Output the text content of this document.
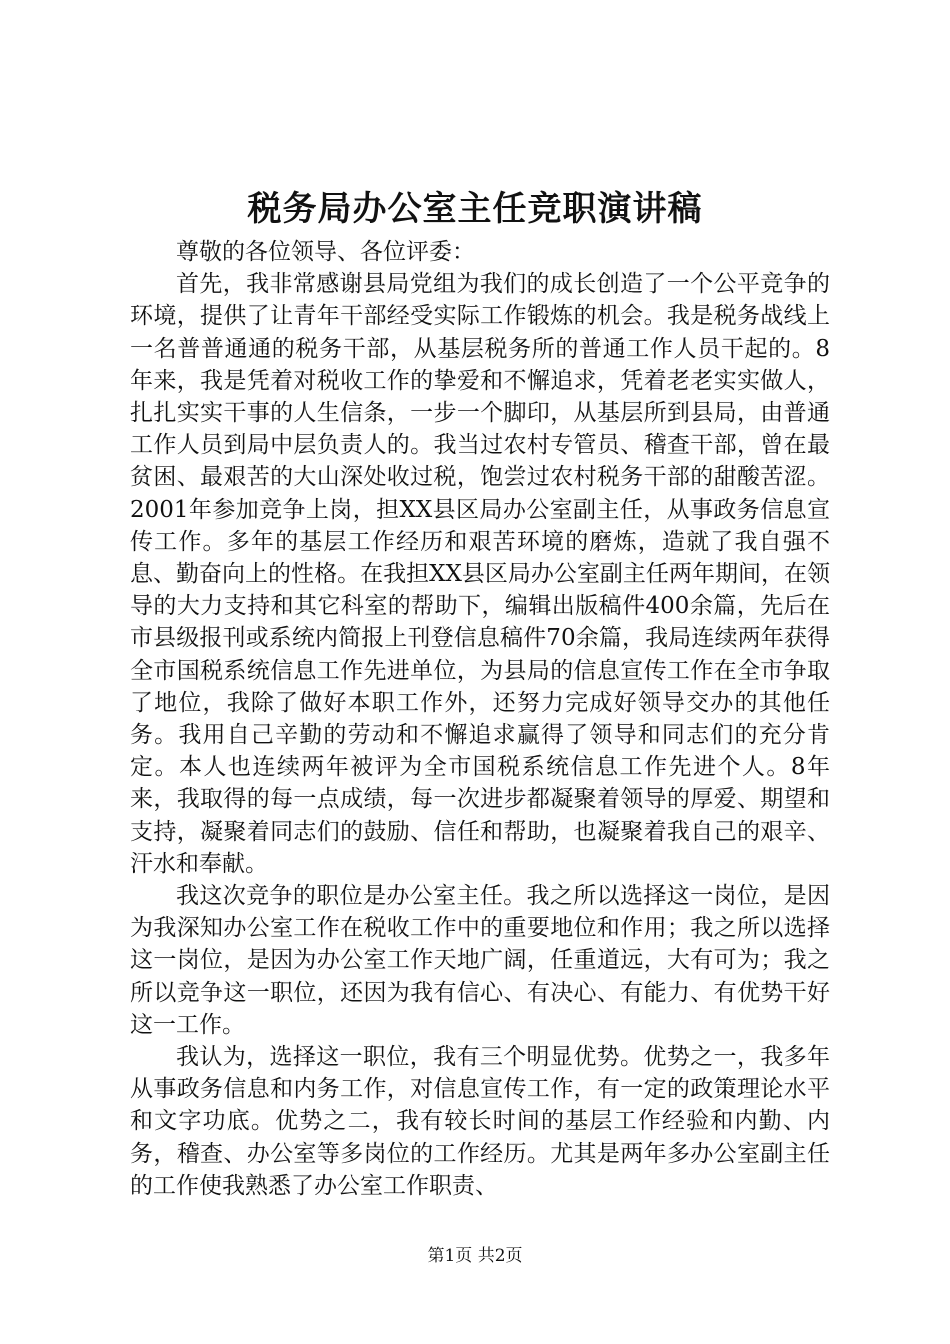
税务局办公室主任竞职演讲稿

尊敬的各位领导、各位评委：

首先，我非常感谢县局党组为我们的成长创造了一个公平竞争的环境，提供了让青年干部经受实际工作锻炼的机会。我是税务战线上一名普普通通的税务干部，从基层税务所的普通工作人员干起的。8年来，我是凭着对税收工作的挚爱和不懈追求，凭着老老实实做人，扎扎实实干事的人生信条，一步一个脚印，从基层所到县局，由普通工作人员到局中层负责人的。我当过农村专管员、稽查干部，曾在最贫困、最艰苦的大山深处收过税，饱尝过农村税务干部的甜酸苦涩。2001年参加竞争上岗，担XX县区局办公室副主任，从事政务信息宣传工作。多年的基层工作经历和艰苦环境的磨炼，造就了我自强不息、勤奋向上的性格。在我担XX县区局办公室副主任两年期间，在领导的大力支持和其它科室的帮助下，编辑出版稿件400余篇，先后在市县级报刊或系统内简报上刊登信息稿件70余篇，我局连续两年获得全市国税系统信息工作先进单位，为县局的信息宣传工作在全市争取了地位，我除了做好本职工作外，还努力完成好领导交办的其他任务。我用自己辛勤的劳动和不懈追求赢得了领导和同志们的充分肯定。本人也连续两年被评为全市国税系统信息工作先进个人。8年来，我取得的每一点成绩，每一次进步都凝聚着领导的厚爱、期望和支持，凝聚着同志们的鼓励、信任和帮助，也凝聚着我自己的艰辛、汗水和奉献。

我这次竞争的职位是办公室主任。我之所以选择这一岗位，是因为我深知办公室工作在税收工作中的重要地位和作用；我之所以选择这一岗位，是因为办公室工作天地广阔，任重道远，大有可为；我之所以竞争这一职位，还因为我有信心、有决心、有能力、有优势干好这一工作。

我认为，选择这一职位，我有三个明显优势。优势之一，我多年从事政务信息和内务工作，对信息宣传工作，有一定的政策理论水平和文字功底。优势之二，我有较长时间的基层工作经验和内勤、内务，稽查、办公室等多岗位的工作经历。尤其是两年多办公室副主任的工作使我熟悉了办公室工作职责、

第1页 共2页
